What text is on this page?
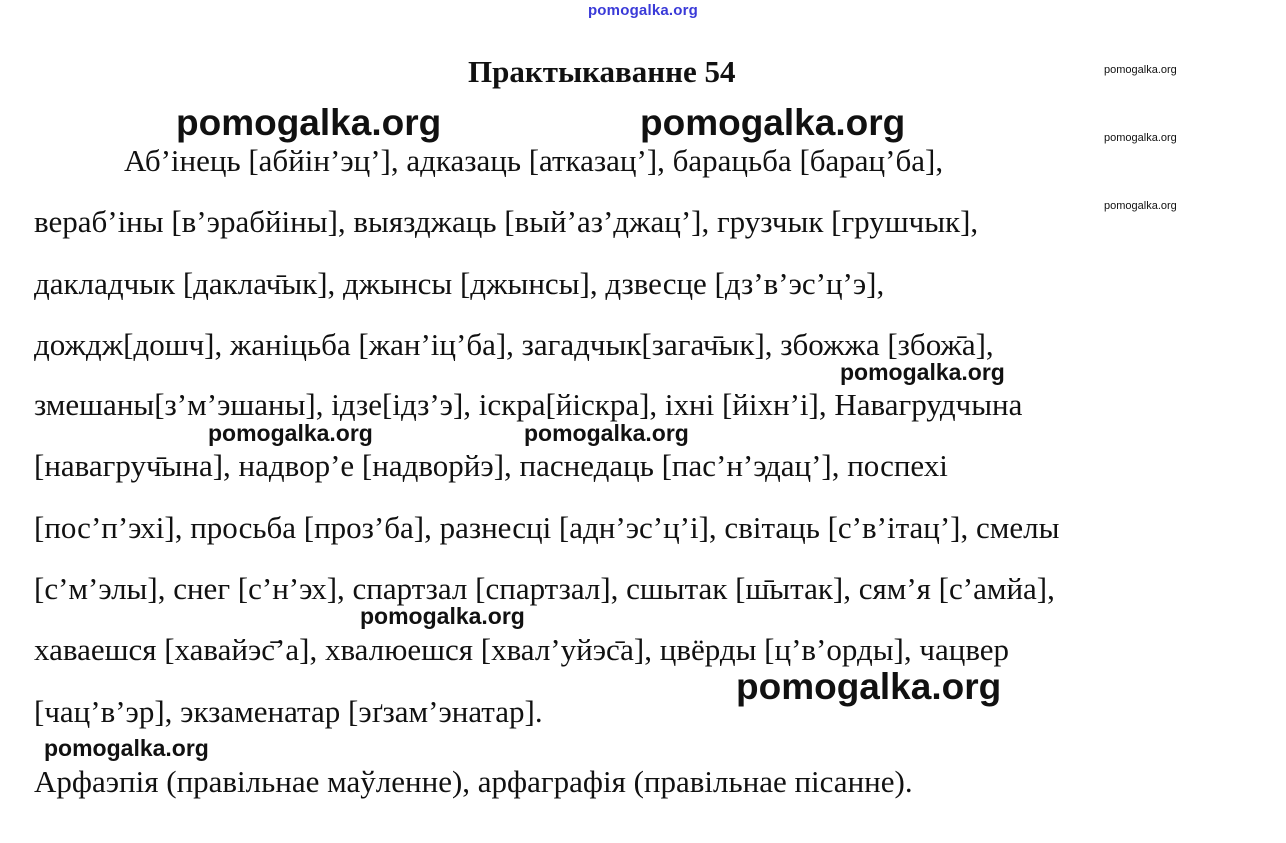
pomogalka.org
Практыкаванне 54
Аб’інець [абйін’эц’], адказаць [атказац’], барацьба [барац’ба],
вераб’іны [в’эрабйіны], выязджаць [вый’аз’джац’], грузчык [грушчык],
дакладчык [даклач̄ык], джынсы [джынсы], дзвесце [дз’в’эс’ц’э],
дождж[дошч], жаніцьба [жан’іц’ба], загадчык[загач̄ык], збожжа [збож̄а],
змешаны[з’м’эшаны], ідзе[ідз’э], іскра[йіскра], іхні [йіхн’і], Навагрудчына
[навагруч̄ына], надвор’е [надворйэ], паснедаць [пас’н’эдац’], поспехі
[пос’п’эхі], просьба [проз’ба], разнесці [адн’эс’ц’і], світаць [с’в’ітац’], смелы
[с’м’элы], снег [с’н’эх], спартзал [спартзал], сшытак [ш̄ытак], сям’я [с’амйа],
хаваешся [хавайэс̄’а], хвалюешся [хвал’уйэс̄а], цвёрды [ц’в’орды], чацвер
[чац’в’эр], экзаменатар [эґзам’энатар].
Арфаэпія (правільнае маўленне), арфаграфія (правільнае пісанне).
pomogalka.org	pomogalka.org
pomogalka.org
pomogalka.org
pomogalka.org	pomogalka.org
pomogalka.org
pomogalka.org
pomogalka.org
pomogalka.org
pomogalka.org
